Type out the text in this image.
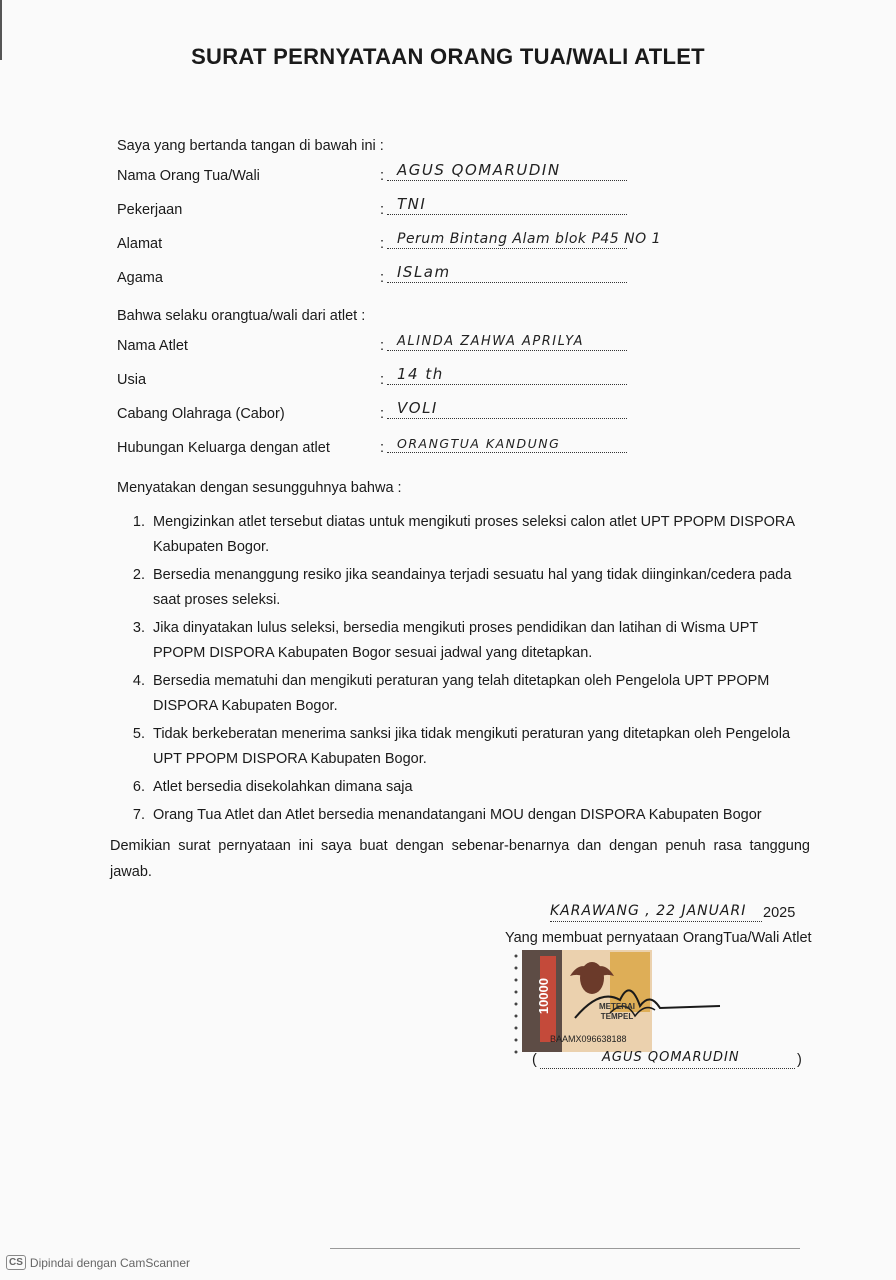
SURAT PERNYATAAN ORANG TUA/WALI ATLET
Saya yang bertanda tangan di bawah ini :
Nama Orang Tua/Wali	: AGUS QOMARUDIN
Pekerjaan	: TNI
Alamat	: Perum Bintang Alam blok P45 NO 1
Agama	: ISLam
Bahwa selaku orangtua/wali dari atlet :
Nama Atlet	: ALINDA ZAHWA APRILYA
Usia	: 14 th
Cabang Olahraga (Cabor)	: VOLI
Hubungan Keluarga dengan atlet	: ORANGTUA KANDUNG
Menyatakan dengan sesungguhnya bahwa :
1. Mengizinkan atlet tersebut diatas untuk mengikuti proses seleksi calon atlet UPT PPOPM DISPORA Kabupaten Bogor.
2. Bersedia menanggung resiko jika seandainya terjadi sesuatu hal yang tidak diinginkan/cedera pada saat proses seleksi.
3. Jika dinyatakan lulus seleksi, bersedia mengikuti proses pendidikan dan latihan di Wisma UPT PPOPM DISPORA Kabupaten Bogor sesuai jadwal yang ditetapkan.
4. Bersedia mematuhi dan mengikuti peraturan yang telah ditetapkan oleh Pengelola UPT PPOPM DISPORA Kabupaten Bogor.
5. Tidak berkeberatan menerima sanksi jika tidak mengikuti peraturan yang ditetapkan oleh Pengelola UPT PPOPM DISPORA Kabupaten Bogor.
6. Atlet bersedia disekolahkan dimana saja
7. Orang Tua Atlet dan Atlet bersedia menandatangani MOU dengan DISPORA Kabupaten Bogor
Demikian surat pernyataan ini saya buat dengan sebenar-benarnya dan dengan penuh rasa tanggung jawab.
KARAWANG , 22 JANUARI 2025
Yang membuat pernyataan OrangTua/Wali Atlet
10000	METERAI TEMPEL
BAAMX096638188
(	AGUS QOMARUDIN	)
CS Dipindai dengan CamScanner
